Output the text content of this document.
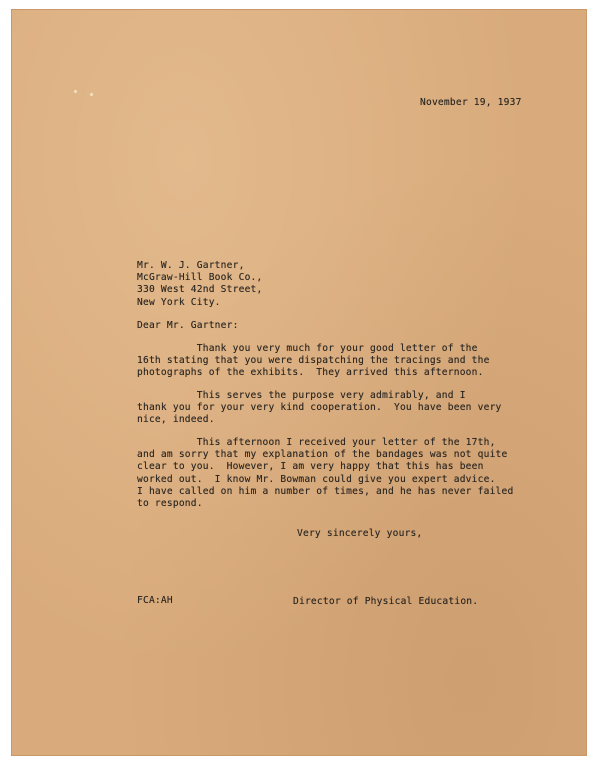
November 19, 1937
Mr. W. J. Gartner,
McGraw-Hill Book Co.,
330 West 42nd Street,
New York City.
Dear Mr. Gartner:
Thank you very much for your good letter of the
16th stating that you were dispatching the tracings and the
photographs of the exhibits.  They arrived this afternoon.
This serves the purpose very admirably, and I
thank you for your very kind cooperation.  You have been very
nice, indeed.
This afternoon I received your letter of the 17th,
and am sorry that my explanation of the bandages was not quite
clear to you.  However, I am very happy that this has been
worked out.  I know Mr. Bowman could give you expert advice.
I have called on him a number of times, and he has never failed
to respond.
Very sincerely yours,
FCA:AH	Director of Physical Education.
